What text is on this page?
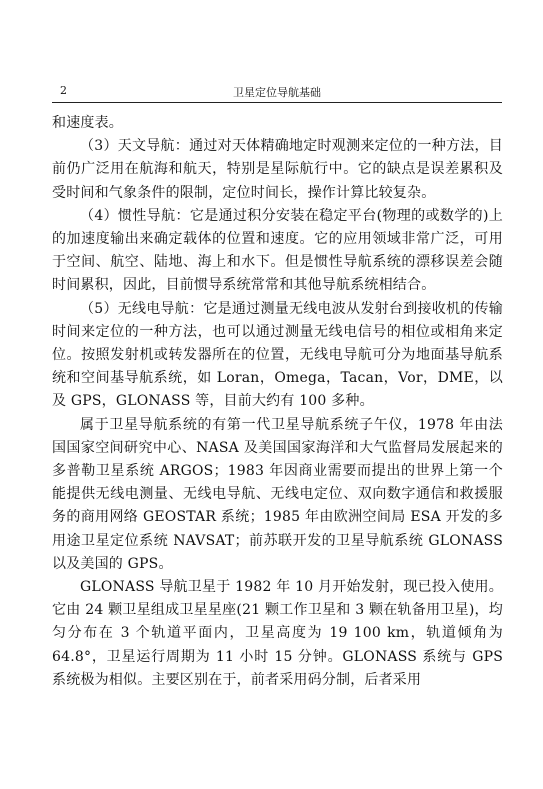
2	卫星定位导航基础

和速度表。

（3）天文导航：通过对天体精确地定时观测来定位的一种方法，目前仍广泛用在航海和航天，特别是星际航行中。它的缺点是误差累积及受时间和气象条件的限制，定位时间长，操作计算比较复杂。

（4）惯性导航：它是通过积分安装在稳定平台(物理的或数学的)上的加速度输出来确定载体的位置和速度。它的应用领域非常广泛，可用于空间、航空、陆地、海上和水下。但是惯性导航系统的漂移误差会随时间累积，因此，目前惯导系统常常和其他导航系统相结合。

（5）无线电导航：它是通过测量无线电波从发射台到接收机的传输时间来定位的一种方法，也可以通过测量无线电信号的相位或相角来定位。按照发射机或转发器所在的位置，无线电导航可分为地面基导航系统和空间基导航系统，如 Loran，Omega，Tacan，Vor，DME，以及 GPS，GLONASS 等，目前大约有 100 多种。

属于卫星导航系统的有第一代卫星导航系统子午仪，1978 年由法国国家空间研究中心、NASA 及美国国家海洋和大气监督局发展起来的多普勒卫星系统 ARGOS；1983 年因商业需要而提出的世界上第一个能提供无线电测量、无线电导航、无线电定位、双向数字通信和救援服务的商用网络 GEOSTAR 系统；1985 年由欧洲空间局 ESA 开发的多用途卫星定位系统 NAVSAT；前苏联开发的卫星导航系统 GLONASS 以及美国的 GPS。

GLONASS 导航卫星于 1982 年 10 月开始发射，现已投入使用。它由 24 颗卫星组成卫星星座(21 颗工作卫星和 3 颗在轨备用卫星)，均匀分布在 3 个轨道平面内，卫星高度为 19 100 km，轨道倾角为 64.8°，卫星运行周期为 11 小时 15 分钟。GLONASS 系统与 GPS 系统极为相似。主要区别在于，前者采用码分制，后者采用
